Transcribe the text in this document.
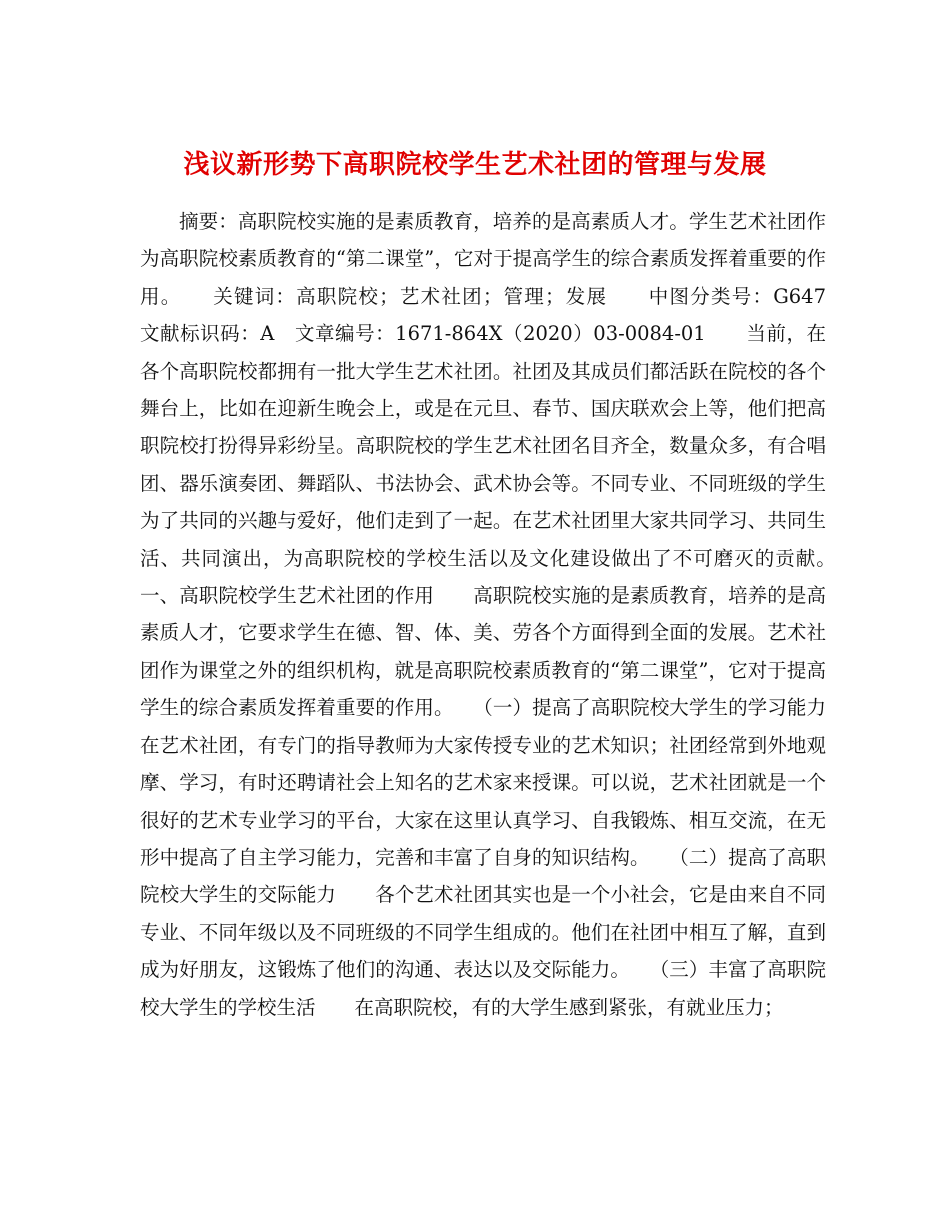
浅议新形势下高职院校学生艺术社团的管理与发展

摘要：高职院校实施的是素质教育，培养的是高素质人才。学生艺术社团作为高职院校素质教育的“第二课堂”，它对于提高学生的综合素质发挥着重要的作用。　　关键词：高职院校；艺术社团；管理；发展　　中图分类号：G647　文献标识码：A　文章编号：1671-864X（2020）03-0084-01　　当前，在各个高职院校都拥有一批大学生艺术社团。社团及其成员们都活跃在院校的各个舞台上，比如在迎新生晚会上，或是在元旦、春节、国庆联欢会上等，他们把高职院校打扮得异彩纷呈。高职院校的学生艺术社团名目齐全，数量众多，有合唱团、器乐演奏团、舞蹈队、书法协会、武术协会等。不同专业、不同班级的学生为了共同的兴趣与爱好，他们走到了一起。在艺术社团里大家共同学习、共同生活、共同演出，为高职院校的学校生活以及文化建设做出了不可磨灭的贡献。　　一、高职院校学生艺术社团的作用　　高职院校实施的是素质教育，培养的是高素质人才，它要求学生在德、智、体、美、劳各个方面得到全面的发展。艺术社团作为课堂之外的组织机构，就是高职院校素质教育的“第二课堂”，它对于提高学生的综合素质发挥着重要的作用。　　（一）提高了高职院校大学生的学习能力　　在艺术社团，有专门的指导教师为大家传授专业的艺术知识；社团经常到外地观摩、学习，有时还聘请社会上知名的艺术家来授课。可以说，艺术社团就是一个很好的艺术专业学习的平台，大家在这里认真学习、自我锻炼、相互交流，在无形中提高了自主学习能力，完善和丰富了自身的知识结构。　　（二）提高了高职院校大学生的交际能力　　各个艺术社团其实也是一个小社会，它是由来自不同专业、不同年级以及不同班级的不同学生组成的。他们在社团中相互了解，直到成为好朋友，这锻炼了他们的沟通、表达以及交际能力。　　（三）丰富了高职院校大学生的学校生活　　在高职院校，有的大学生感到紧张，有就业压力；
